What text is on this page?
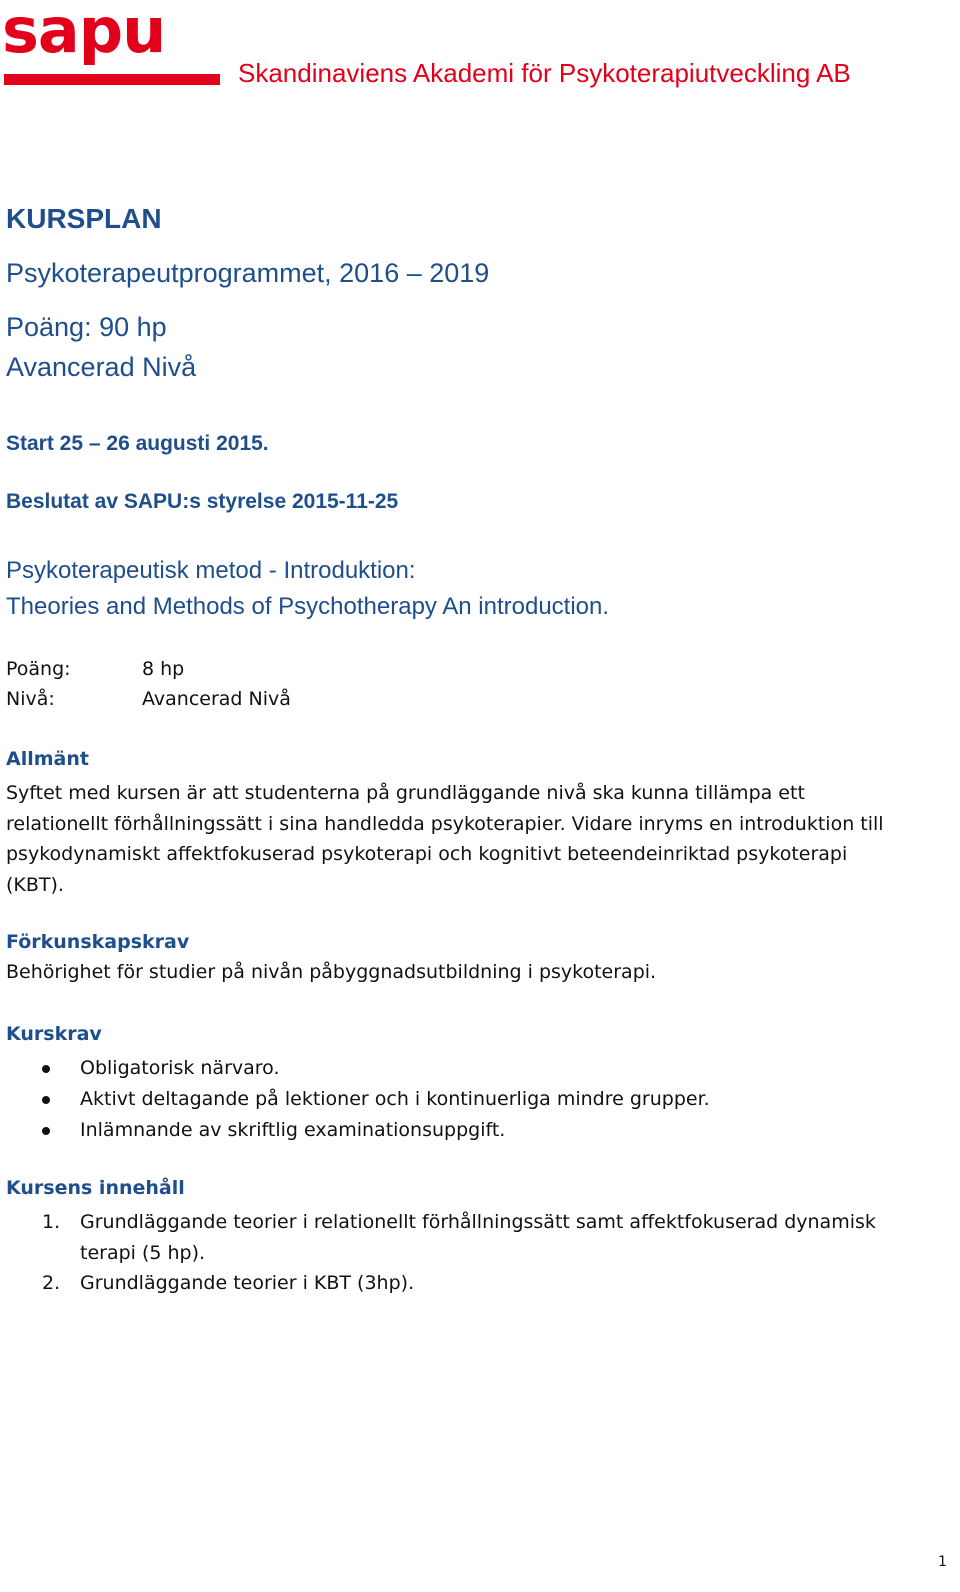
sapu
Skandinaviens Akademi för Psykoterapiutveckling AB
KURSPLAN
Psykoterapeutprogrammet, 2016 – 2019
Poäng: 90 hp
Avancerad Nivå
Start 25 – 26 augusti 2015.
Beslutat av SAPU:s styrelse 2015-11-25
Psykoterapeutisk metod - Introduktion:
Theories and Methods of Psychotherapy An introduction.
Poäng:	8 hp
Nivå:	Avancerad Nivå
Allmänt
Syftet med kursen är att studenterna på grundläggande nivå ska kunna tillämpa ett
relationellt förhållningssätt i sina handledda psykoterapier. Vidare inryms en introduktion till
psykodynamiskt affektfokuserad psykoterapi och kognitivt beteendeinriktad psykoterapi
(KBT).
Förkunskapskrav
Behörighet för studier på nivån påbyggnadsutbildning i psykoterapi.
Kurskrav
Obligatorisk närvaro.
Aktivt deltagande på lektioner och i kontinuerliga mindre grupper.
Inlämnande av skriftlig examinationsuppgift.
Kursens innehåll
1. Grundläggande teorier i relationellt förhållningssätt samt affektfokuserad dynamisk
terapi (5 hp).
2. Grundläggande teorier i KBT (3hp).
1
